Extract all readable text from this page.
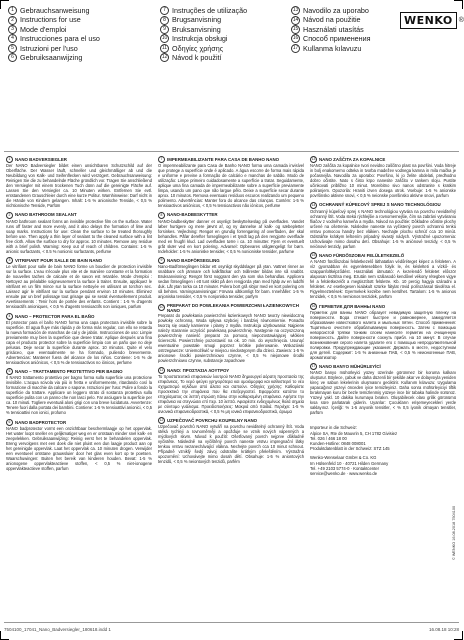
1 Gebrauchsanweisung
2 Instructions for use
3 Mode d'emploi
4 Instrucciones para el uso
5 Istruzioni per l'uso
6 Gebruiksaanwijzing
7 Instruções de utilização
8 Brugsanvisning
9 Bruksanvisning
10 Instrukcja obsługi
11 Οδηγίες χρήσης
12 Návod k použití
13 Navodilo za uporabo
14 Návod na použitie
15 Használati utasítás
16 Способ применения
17 Kullanma kılavuzu
WENKO ®
1	NANO BADVERSIEGLER
Der NANO Badversiegler bildet einen unsichtbaren Schutzschild auf der Oberfläche. Der Wasser läuft, schneller und gleichmäßiger ab und die Neubildung von Kalk- und Seifenflecken wird verzögert. Gebrauchsanweisung: Reinigen Sie die zu behandelnde Fläche gründlich vor. Tragen Sie anschließend den Versiegler mit einem trockenen Tuch dünn auf die gereinigte Fläche auf. Lassen Sie den Versiegler ca. 10 Minuten wirken. Entfernen Sie evtl. entstandenen Grauschleier durch eine kurze Politur. Warnhinweise: Darf nicht in die Hände von Kindern gelangen. Inhalt: 1-5 % anionische Tenside, < 0,5 % nichtionische Tenside, Parfüm
2	NANO BATHROOM SEALANT
NANO bathroom sealant forms an invisible protective film on the surface. Water runs off faster and more evenly, and it also delays the formation of lime and soap marks. Instructions for use: Clean the surface to be treated thoroughly before use. Then apply a thin layer of sealant to the cleaned surface with a lint free cloth. Allow the surface to dry for approx. 10 minutes. Remove any residue with a brief polish. Warning: Keep out of reach of children. Contains: 1-5 % anionic surfactants, < 0.5 % nonionic surfactants, perfume
3	VITRIFIANT POUR SALLE DE BAIN NANO
Le vitrifiant pour salle de bain NANO forme un bouclier de protection invisible sur la surface. L'eau s'écoule plus vite et de manière constante et la formation de nouvelles taches de calcaire et de savon est retardée. Mode d'emploi : Nettoyez au préalable soigneusement la surface à traiter. Ensuite, appliquez le vitrifiant en un film mince sur la surface nettoyée en utilisant un torchon sec. Laissez agir le vitrifiant sur la surface pendant environ 10 minutes. Éliminez ensuite par un bref polissage tout grisage qui se serait éventuellement produit. Avertissements : Tenir hors de portée des enfants. Contient : 1-5 % d'agents tensioactifs anioniques, < 0,5 % d'agents tensioactifs non ioniques, parfum
4	NANO – PROTECTOR PARA EL BAÑO
El protector para el baño NANO forma una capa protectora invisible sobre la superficie. El agua fluye más rápida y de forma más regular, con ello se retarda la nueva formación de manchas de cal y de jabón. Instrucciones de uso: Limpie previamente muy bien la superficie que desee tratar. Aplique después una fina capa el producto protector sobre la superficie limpia con un paño que no deje pelusas. Deje secar la superficie durante aprox. 10 minutos. Quite el velo grisáceo, que eventualmente se ha formado, puliendo brevemente. Advertencias: Mantener fuera del alcance de los niños. Contiene: 1-5 % de tensioactivos aniónicos, < 0,5 % de tensioactivos no iónicos, perfume
5	NANO – TRATTAMENTO PROTETTIVO PER BAGNO
Il NANO trattamento protettivo per bagno forma sulla superficie una protezione invisibile. L'acqua scivola via più in fretta e uniformemente, ritardando così la formazione di macchie da calcare o sapone. Istruzioni per l'uso: Pulire a fondo la superficie da trattare. Applicare un leggero strato di sostanza protettiva sulla superficie pulita con un panno che non lasci pelo. Far asciugare la superficie per ca. 10 minuti. Togliere eventuali aloni grigi con una breve lucidatura. Avvertenze: Tenere fuori dalla portata dei bambini. Contiene: 1-5 % tensioattivi anionici, < 0,5 % tensioattivi non ionici, profumo
6	NANO BADPROTECTOR
NANO badprotector vormt een onzichtbaar beschermlaagje op het oppervlak. Het water loopt sneller en gelijkmatiger weg en er ontstaan minder snel kalk- en zeepvlekken. Gebruiksaanwijzing: Reinig eerst het te behandelen oppervlak. Breng vervolgens met een doek die niet pluist een dun laagje product aan op het gereinigde oppervlak. Laat het oppervlak ca. 10 minuten drogen. Verwijder een eventueel ontstane grauwsluier door het glas even kort op te poetsen. Waarschuwingen: Buiten het bereik van kinderen houden. Bevat: 1-5 % anionogene oppervlakteactieve stoffen, < 0,5 % niet-ionogene oppervlakteactieve stoffen, parfum
7	IMPERMEABILIZANTE PARA CASA DE BANHO NANO
O impermeabilizante para Casa de Banho NANO forma uma camada invisível que protege a superfície onde é aplicado. A água escorre de forma mais rápida e uniforme e previne a formação de calcário e manchas de sabão. Modo de utilização: Limpe primeiro cuidadosamente a superfície a tratar. Seguidamente, aplique uma fina camada de impermeabilizante sobre a superfície previamente limpa, usando um pano que não largue pêlo. Deixe a superfície secar durante aprox. 10 minutos. Remova eventuais resíduos escuros realizando um pequeno polimento. Advertências: Manter fora do alcance das crianças. Contém: 1-5 % tensioactivos aniónicos, < 0,5 % tensioactivos não iónicos, perfume
8	NANO-BADBESKYTTER
NANO-badbeskytter danner et usynligt beskyttelseslag på overfladen. Vandet løber hurtigere og mere jævnt af, og ny dannelse af kalk- og sæbepletter forsinkes. Vejledning: Rengør en grundig forrengøring af overfladen, der skal behandles. Påfør derefter forseglingen i et tyndt lag på den rengjorte overflade med en fnugfri klud. Lad overfladen tørre i ca. 10 minutter. Fjern et eventuelt gråt skær ved en kort polering. Advarsel: Opbevares utilgængeligt for børn. Indeholder: 1-5 % anioniske tensider, < 0,5 % nonioniske tensider, parfume
9	NANO BADFÖRSEGLING
Nano-Badförseglingen bildar ett osynligt skyddslager på ytan. Vattnet rinner av snabbare och jämnare och kalkfläckar och tvålrester bildas inte så snabbt. Bruksanvisning: Rengör först noggrant den yta som ska behandlas. Applicera sedan förseglingen i ett tunt skikt på den rengjorda ytan med hjälp av en luddfri duk. Låt ytan torka ca 10 minuter. Polera bort grå slöjor med en kort polering om så behövs. Varningsanvisningar: Förvara oåtkomligt för barn. Innehåller: 1-5 % anjoniska tensider, < 0,5 % nonjoniska tensider, parfym
10 PREPARAT DO POWLEKANIA POWIERZCHNI ŁAZIENKOWYCH NANO
Preparat do powlekania powierzchni łazienkowych NANO tworzy niewidoczną powłokę ochronną. Woda spływa szybciej i bardziej równomiernie. Ponadto tworzą się osady kamienne i plamy z mydła. Instrukcja użytkowania: Najpierw należy starannie oczyścić powlekaną powierzchnię. Następnie na oczyszczoną powierzchnię nanieść preparat za pomocą niepozostawiającej włókien ściereczki. Powierzchnię pozostawić na ok. 10 min. do wyschnięcia. Usunąć ewentualne powstałe smugi poprzez krótkie polerowanie. Wskazówki ostrzegawcze: Uniemożliwić w miejscu niedostępnym dla dzieci. Zawiera: 1-5 % anionowe środki powierzchniowo czynne, < 0,5 % niejonowe środki powierzchniowo czynne, substancje zapachowe
11 NANO: ΠΡΟΣΤΑΣΙΑ ΛΟΥΤΡΟΥ
Το προστατευτικό επιφανειών λουτρού NANO δημιουργεί αόρατη προστασία της επιφάνειας. Το νερό φεύγει γρηγορότερα και ομοιόμορφα και καθυστερεί το νέο σχηματισμό κηλίδων από άλατα και σαπούνι. Οδηγίες χρήσης: Καθαρίστε προσεκτικά την επιφάνεια που θα επεξεργαστεί. Εφαρμόστε κατόπιν το επιχρίσματος σε λεπτή στρώση πάνω στην καθαρισμένη επιφάνεια. Αφήστε την επιφάνεια να στεγνώσει επί περ. 10 λεπτά. Αφαιρέστε ενδεχομένως θολά σημεία με σύντομο γυάλισμα. Προειδοποιήσεις: Μακριά από παιδιά. Περιέχει: 1-5 % ανιονικά επιφανειοδραστικά, < 0,5 % μη ιονικά επιφανειοδραστικά, άρωμα
12 UZPEČOVAČ POVRCHU KOUPELNY NANO
Uzpečovač povrchů NANO vytváří na povrchu neviditelný ochranný štít. Voda stéká rychleji a rovnoměrněji a opožďuje se vznik nových vápenných a mýdlových skvrn. Návod k použití: Ošetřovaný povrch nejprve důkladně vyčistěte. Následně na vyčištěný povrch naneste vrstvu impregnační látky tenkou vrstvu nezanechávající vlákna. Nechejte povrch cca 10 minut schnout. Případně vzniklý šedý závoj odstraňte krátkým přeleštěním. Výstražná upozornění: Uchovávejte mimo dosah dětí. Obsahuje: 1-5 % aniontových tenzidů, < 0,5 % neiontových tenzidů, parfém
13 NANO ZAŠČITA ZA KOPALNICE
NANO zaščita za kopalnice tvori nevidno zaščitno plast na površini. Voda hitreje in bolj enakomerno odteka in tvorba madežev vodnega kamna in mila mačka je počasnejša. Navodila za uporabo: Površino, ki jo želite obdelati, predhodno dobro očistite. Nato s čisto krpo nanesite zaščito v tankem sloju. Pustite učinkovati približno 10 minut. Morebitno sivo nanos odstranite s kratkim poliranjem. Opozorila: Hraniti izven dosega otrok. Vsebuje: 1-5 % anionske površinsko aktivne snovi, < 0,5 % neionske površinsko aktivne snovi, parfum
14 OCHRANNÝ KÚPEĽOVÝ SPREJ S NANO TECHNOLÓGIOU
Ochranný kúpeľový sprej s NANO technológiou vytvára na povrchu neviditeľný ochranný štít. Voda steká rýchlejšie a rovnomernejšie, čím sa zabráni vytváraniu fliačov z vodného kameňa a mydla. Návod na použitie: Dôkladne očistite plochy určené na ošetrenie. Následne naneste na vyčistený povrch ochrannú tenkú vrstvu pomocou handry bez vlákien. Nechajte plochu schnúť cca 10 minút. Odstráňte krátkym leštením prípadný sivastý nádych. Výstražné upozornenia: Uchovávajte mimo dosahu detí. Obsahuje: 1-5 % aniónové tenzidy, < 0,5 % neiónové tenzidy, parfum
15 NANO FÜRDŐSZOBAI FELÜLETKEZELŐ
A NANO fürdőszobai felületkezelő láthatatlan védőréteget képez a felületen. A víz gyorsabban és egyenletesebben folyik le, és késlelteti a vízkő- és szappanfoltképződést. Használati útmutató: A kezelendő felületet először alaposan tisztítsa meg. Ezután nem szálasodó kendővel vékony rétegben vigye fel a felületkezelőt a megtisztított felületre. Kb. 10 percig hagyja száradni a felületet. Az esetlegesen kialakult szürke fátylat rövid polírozással távolítsa el. Figyelmeztetések: Gyermekek kezébe nem kerülhet. Tartalom: 1-5 % anionos tenzidek, < 0,5 % nemionos tenzidek, parfüm
16 ГЕРМЕТИК ДЛЯ ВАННЫ NANO
Герметик для ванны NANO образует невидимую защитную пленку на поверхности. Вода стекает быстрее и равномернее, замедляется образование известкового налета и мыльных пятен. Способ применения: Тщательно очистите обрабатываемую поверхность. Затем с помощью неворсистой тряпки тонким слоем нанесите герметик на очищенную поверхность. Дайте поверхности сохнуть прибл. на 10 минут. В случае возникновения серого налета удалите его с помощью непродолжительной полировки. Предупреждающие указания: Держать в месте, недоступном для детей. Содержит: 1-5 % анионные ПАВ, < 0,5 % неионогенные ПАВ, ароматизатор
17 NANO BANYO MÜHÜRLEYİCİ
NANO banyo mühürleyici yüzey üzerinde görünmez bir koruma kalkanı oluşturur. Böylece, çabuk ve daha düzenli bir şekilde akar ve dolayısıyla yeniden kireç ve sabun lekelerinin oluşmasını geciktirir. Kullanım kılavuzu: Uygulama yapacağınız yüzeyi önceden iyice temizleyiniz. Daha sonra mühürleyiciyi tiftik bırakmayan kuru bir bezle temizlenmiş yüzeye ince bir tabaka halinde sürünüz. Yüzeyi yakl. 10 dakika kurumaya bırakın. Oluşabilecek olası grilik görünümü kısa süre parlatarak giderin. Uyarılar: Çocukların erişemeyecekleri yerde saklayınız. İçeriği: % 1-5 anyonik tensitler, < % 0,5 iyonik olmayan tensitler, parfüm
Importeur in die Schweiz:
Alpice SA, Rte de Mauvrin 5, CH 1782 Givisiez
Tel. 026 / 466 18 00
Kunden-Hotline: 0848 008001
Produktdatenblatt in der Schweiz: STZ 145
Wenko-Wenselaar GmbH & Co. KG
Im Hülsenfeld 10 · 40721 Hilden Germany
Tel. +49 2103 5774-0 · Kontaktcenter
service@wenko.de · www.wenko.de
© WENKO 16.08.2018 7504100
7504100_17041_Nano_Badversiegler_180618.indd 1	16.08.18 10:28
